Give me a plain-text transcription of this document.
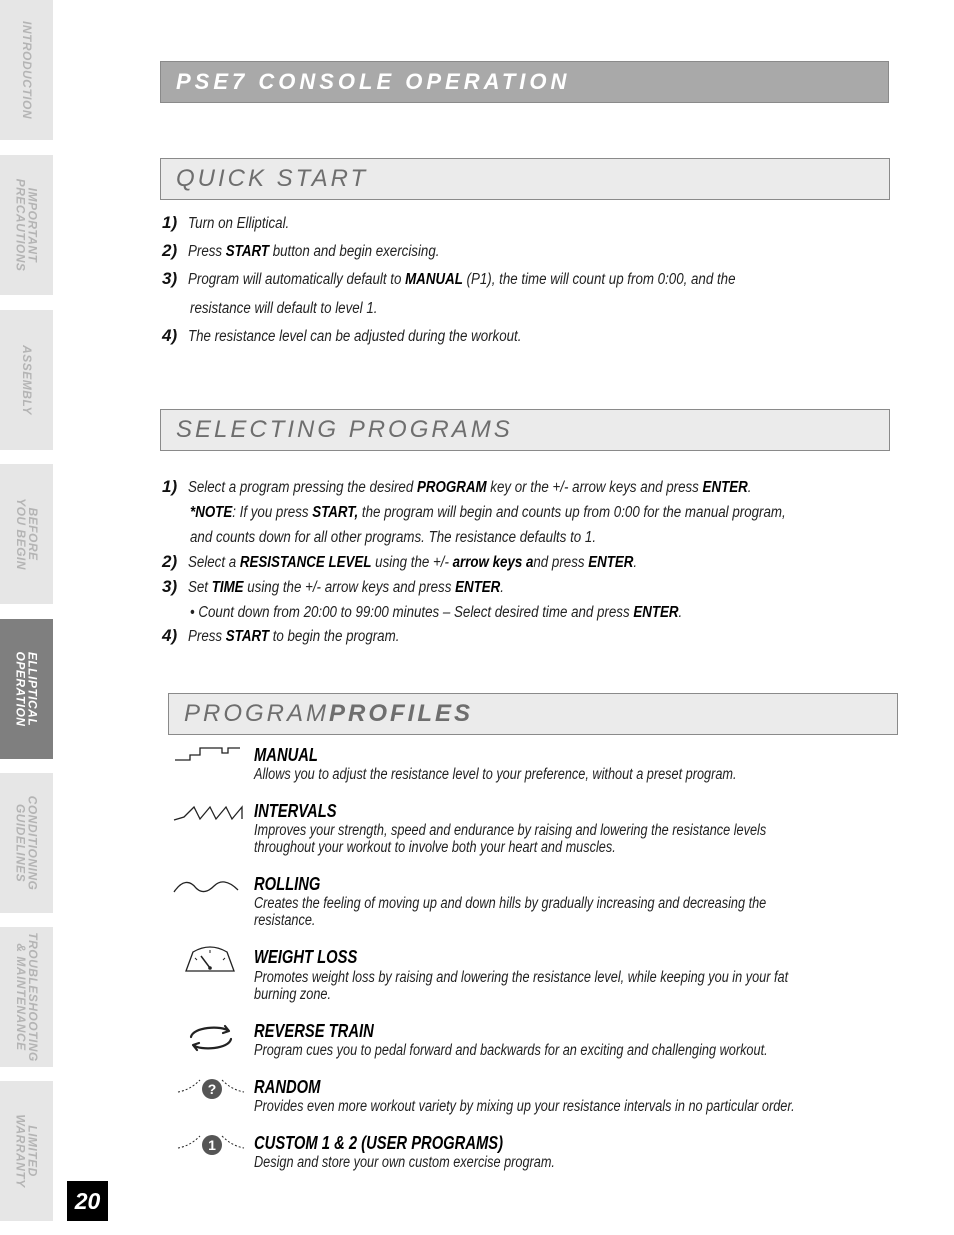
INTRODUCTION
IMPORTANT
PRECAUTIONS
ASSEMBLY
BEFORE
YOU BEGIN
ELLIPTICAL
OPERATION
CONDITIONING
GUIDELINES
TROUBLESHOOTING
& MAINTENANCE
LIMITED
WARRANTY
20
PSE7 CONSOLE OPERATION
QUICK START
1) Turn on Elliptical.
2) Press START button and begin exercising.
3) Program will automatically default to MANUAL (P1), the time will count up from 0:00, and the
resistance will default to level 1.
4) The resistance level can be adjusted during the workout.
SELECTING PROGRAMS
1) Select a program pressing the desired PROGRAM key or the +/- arrow keys and press ENTER.
*NOTE: If you press START, the program will begin and counts up from 0:00 for the manual program,
and counts down for all other programs. The resistance defaults to 1.
2) Select a RESISTANCE LEVEL using the +/- arrow keys and press ENTER.
3) Set TIME using the +/- arrow keys and press ENTER.
• Count down from 20:00 to 99:00 minutes – Select desired time and press ENTER.
4) Press START to begin the program.
PROGRAM PROFILES
MANUAL
Allows you to adjust the resistance level to your preference, without a preset program.
INTERVALS
Improves your strength, speed and endurance by raising and lowering the resistance levels
throughout your workout to involve both your heart and muscles.
ROLLING
Creates the feeling of moving up and down hills by gradually increasing and decreasing the
resistance.
WEIGHT LOSS
Promotes weight loss by raising and lowering the resistance level, while keeping you in your fat
burning zone.
REVERSE TRAIN
Program cues you to pedal forward and backwards for an exciting and challenging workout.
? RANDOM
Provides even more workout variety by mixing up your resistance intervals in no particular order.
1 CUSTOM 1 & 2 (USER PROGRAMS)
Design and store your own custom exercise program.
